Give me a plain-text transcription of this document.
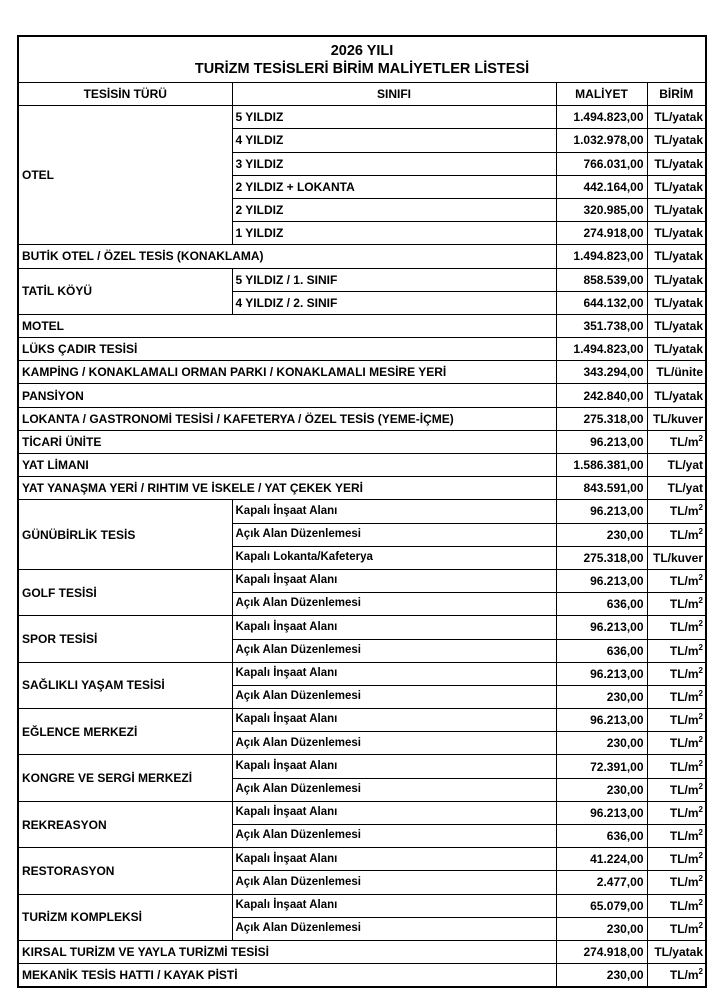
2026 YILI
TURİZM TESİSLERİ BİRİM MALİYETLER LİSTESİ			
TESİSİN TÜRÜ	SINIFI	MALİYET	BİRİM
OTEL	5 YILDIZ	1.494.823,00	TL/yatak
	4 YILDIZ	1.032.978,00	TL/yatak
	3 YILDIZ	766.031,00	TL/yatak
	2 YILDIZ + LOKANTA	442.164,00	TL/yatak
	2 YILDIZ	320.985,00	TL/yatak
	1 YILDIZ	274.918,00	TL/yatak
BUTİK OTEL / ÖZEL TESİS (KONAKLAMA)		1.494.823,00	TL/yatak
TATİL KÖYÜ	5 YILDIZ / 1. SINIF	858.539,00	TL/yatak
	4 YILDIZ / 2. SINIF	644.132,00	TL/yatak
MOTEL		351.738,00	TL/yatak
LÜKS ÇADIR TESİSİ		1.494.823,00	TL/yatak
KAMPİNG / KONAKLAMALI ORMAN PARKI / KONAKLAMALI MESİRE YERİ		343.294,00	TL/ünite
PANSİYON		242.840,00	TL/yatak
LOKANTA / GASTRONOMİ TESİSİ / KAFETERYA / ÖZEL TESİS (YEME-İÇME)		275.318,00	TL/kuver
TİCARİ ÜNİTE		96.213,00	$TL/m^2$
YAT LİMANI		1.586.381,00	TL/yat
YAT YANAŞMA YERİ / RIHTIM VE İSKELE / YAT ÇEKEK YERİ		843.591,00	TL/yat
GÜNÜBİRLİK TESİS	Kapalı İnşaat Alanı	96.213,00	$TL/m^2$
	Açık Alan Düzenlemesi	230,00	$TL/m^2$
	Kapalı Lokanta/Kafeterya	275.318,00	TL/kuver
GOLF TESİSİ	Kapalı İnşaat Alanı	96.213,00	$TL/m^2$
	Açık Alan Düzenlemesi	636,00	$TL/m^2$
SPOR TESİSİ	Kapalı İnşaat Alanı	96.213,00	$TL/m^2$
	Açık Alan Düzenlemesi	636,00	$TL/m^2$
SAĞLIKLI YAŞAM TESİSİ	Kapalı İnşaat Alanı	96.213,00	$TL/m^2$
	Açık Alan Düzenlemesi	230,00	$TL/m^2$
EĞLENCE MERKEZİ	Kapalı İnşaat Alanı	96.213,00	$TL/m^2$
	Açık Alan Düzenlemesi	230,00	$TL/m^2$
KONGRE VE SERGİ MERKEZİ	Kapalı İnşaat Alanı	72.391,00	$TL/m^2$
	Açık Alan Düzenlemesi	230,00	$TL/m^2$
REKREASYON	Kapalı İnşaat Alanı	96.213,00	$TL/m^2$
	Açık Alan Düzenlemesi	636,00	$TL/m^2$
RESTORASYON	Kapalı İnşaat Alanı	41.224,00	$TL/m^2$
	Açık Alan Düzenlemesi	2.477,00	$TL/m^2$
TURİZM KOMPLEKSİ	Kapalı İnşaat Alanı	65.079,00	$TL/m^2$
	Açık Alan Düzenlemesi	230,00	$TL/m^2$
KIRSAL TURİZM VE YAYLA TURİZMİ TESİSİ		274.918,00	TL/yatak
MEKANİK TESİS HATTI / KAYAK PİSTİ		230,00	$TL/m^2$
